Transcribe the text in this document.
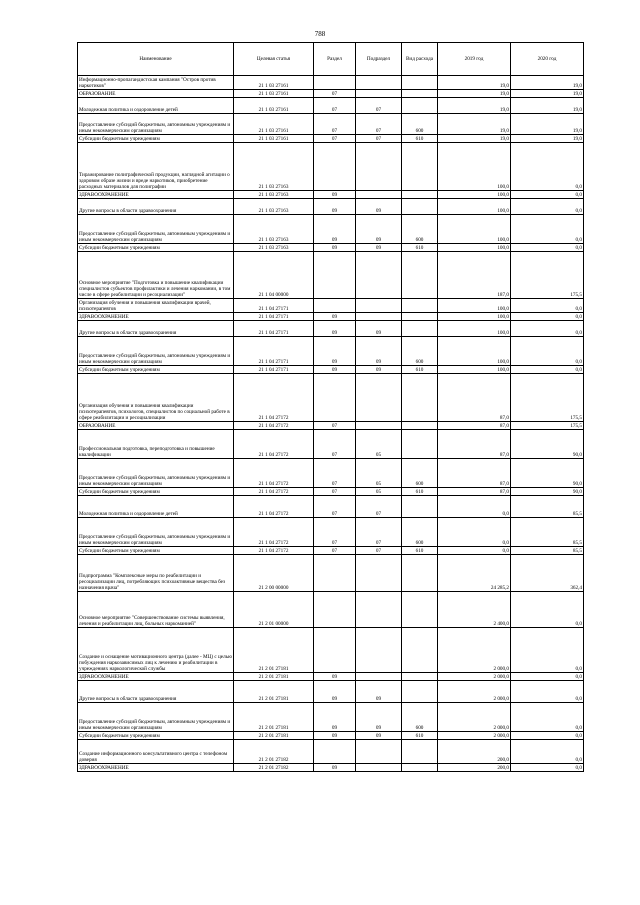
788
Наименование	Целевая статья	Раздел	Подраздел	Вид расхода	2019 год	2020 год
Информационно-пропагандистская кампания "Остров против наркотиков"	21 1 03 27161				19,0	19,0
ОБРАЗОВАНИЕ	21 1 03 27161	07			19,0	19,0
Молодежная политика и оздоровление детей	21 1 03 27161	07	07		19,0	19,0
Предоставление субсидий бюджетным, автономным учреждениям и иным некоммерческим организациям	21 1 03 27161	07	07	600	19,0	19,0
Субсидии бюджетным учреждениям	21 1 03 27161	07	07	610	19,0	19,0
Тиражирование полиграфической продукции, наглядной агитации о здоровом образе жизни и вреде наркотиков, приобретение расходных материалов для полиграфии	21 1 03 27163				100,0	0,0
ЗДРАВООХРАНЕНИЕ	21 1 03 27163	09			100,0	0,0
Другие вопросы в области здравоохранения	21 1 03 27163	09	09		100,0	0,0
Предоставление субсидий бюджетным, автономным учреждениям и иным некоммерческим организациям	21 1 03 27163	09	09	600	100,0	0,0
Субсидии бюджетным учреждениям	21 1 03 27163	09	09	610	100,0	0,0
Основное мероприятие "Подготовка и повышение квалификации специалистов субъектов профилактики и лечения наркомании, в том числе в сфере реабилитации и ресоциализации"	21 1 04 00000				187,0	175,5
Организация обучения и повышения квалификации врачей, психотерапевтов	21 1 04 27171				100,0	0,0
ЗДРАВООХРАНЕНИЕ	21 1 04 27171	09			100,0	0,0
Другие вопросы в области здравоохранения	21 1 04 27171	09	09		100,0	0,0
Предоставление субсидий бюджетным, автономным учреждениям и иным некоммерческим организациям	21 1 04 27171	09	09	600	100,0	0,0
Субсидии бюджетным учреждениям	21 1 04 27171	09	09	610	100,0	0,0
Организация обучения и повышения квалификации психотерапевтов, психологов, специалистов по социальной работе в сфере реабилитации и ресоциализации	21 1 04 27172				87,0	175,5
ОБРАЗОВАНИЕ	21 1 04 27172	07			87,0	175,5
Профессиональная подготовка, переподготовка и повышение квалификации	21 1 04 27172	07	05		87,0	90,0
Предоставление субсидий бюджетным, автономным учреждениям и иным некоммерческим организациям	21 1 04 27172	07	05	600	87,0	90,0
Субсидии бюджетным учреждениям	21 1 04 27172	07	05	610	87,0	90,0
Молодежная политика и оздоровление детей	21 1 04 27172	07	07		0,0	85,5
Предоставление субсидий бюджетным, автономным учреждениям и иным некоммерческим организациям	21 1 04 27172	07	07	600	0,0	85,5
Субсидии бюджетным учреждениям	21 1 04 27172	07	07	610	0,0	85,5
Подпрограмма "Комплексные меры по реабилитации и ресоциализации лиц, потребляющих психоактивные вещества без назначения врача"	21 2 00 00000				24 285,2	362,4
Основное мероприятие "Совершенствование системы выявления, лечения и реабилитации лиц, больных наркоманией"	21 2 01 00000				2 400,0	0,0
Создание и оснащение мотивационного центра (далее - МЦ) с целью побуждения наркозависимых лиц к лечению и реабилитации в учреждениях наркологической службы	21 2 01 27181				2 000,0	0,0
ЗДРАВООХРАНЕНИЕ	21 2 01 27181	09			2 000,0	0,0
Другие вопросы в области здравоохранения	21 2 01 27181	09	09		2 000,0	0,0
Предоставление субсидий бюджетным, автономным учреждениям и иным некоммерческим организациям	21 2 01 27181	09	09	600	2 000,0	0,0
Субсидии бюджетным учреждениям	21 2 01 27181	09	09	610	2 000,0	0,0
Создание информационного консультативного центра с телефоном доверия	21 2 01 27182				200,0	0,0
ЗДРАВООХРАНЕНИЕ	21 2 01 27182	09			200,0	0,0
